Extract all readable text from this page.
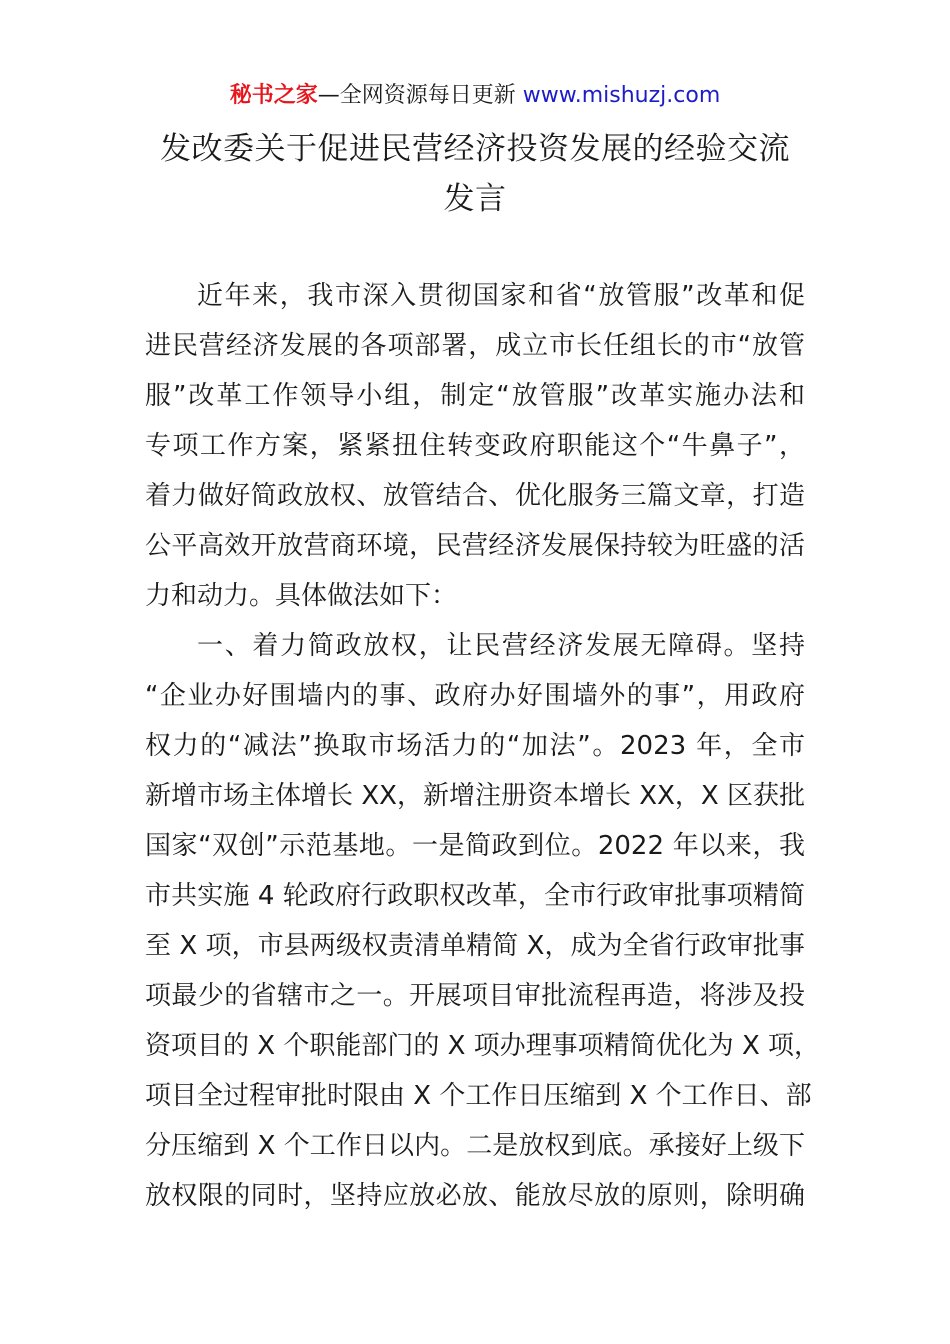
秘书之家—全网资源每日更新 www.mishuzj.com
发改委关于促进民营经济投资发展的经验交流
发言
近年来，我市深入贯彻国家和省“放管服”改革和促
进民营经济发展的各项部署，成立市长任组长的市“放管
服”改革工作领导小组，制定“放管服”改革实施办法和
专项工作方案，紧紧扭住转变政府职能这个“牛鼻子”，
着力做好简政放权、放管结合、优化服务三篇文章，打造
公平高效开放营商环境，民营经济发展保持较为旺盛的活
力和动力。具体做法如下：
一、着力简政放权，让民营经济发展无障碍。坚持
“企业办好围墙内的事、政府办好围墙外的事”，用政府
权力的“减法”换取市场活力的“加法”。2023 年，全市
新增市场主体增长 XX，新增注册资本增长 XX，X 区获批
国家“双创”示范基地。一是简政到位。2022 年以来，我
市共实施 4 轮政府行政职权改革，全市行政审批事项精简
至 X 项，市县两级权责清单精简 X，成为全省行政审批事
项最少的省辖市之一。开展项目审批流程再造，将涉及投
资项目的 X 个职能部门的 X 项办理事项精简优化为 X 项，
项目全过程审批时限由 X 个工作日压缩到 X 个工作日、部
分压缩到 X 个工作日以内。二是放权到底。承接好上级下
放权限的同时，坚持应放必放、能放尽放的原则，除明确
